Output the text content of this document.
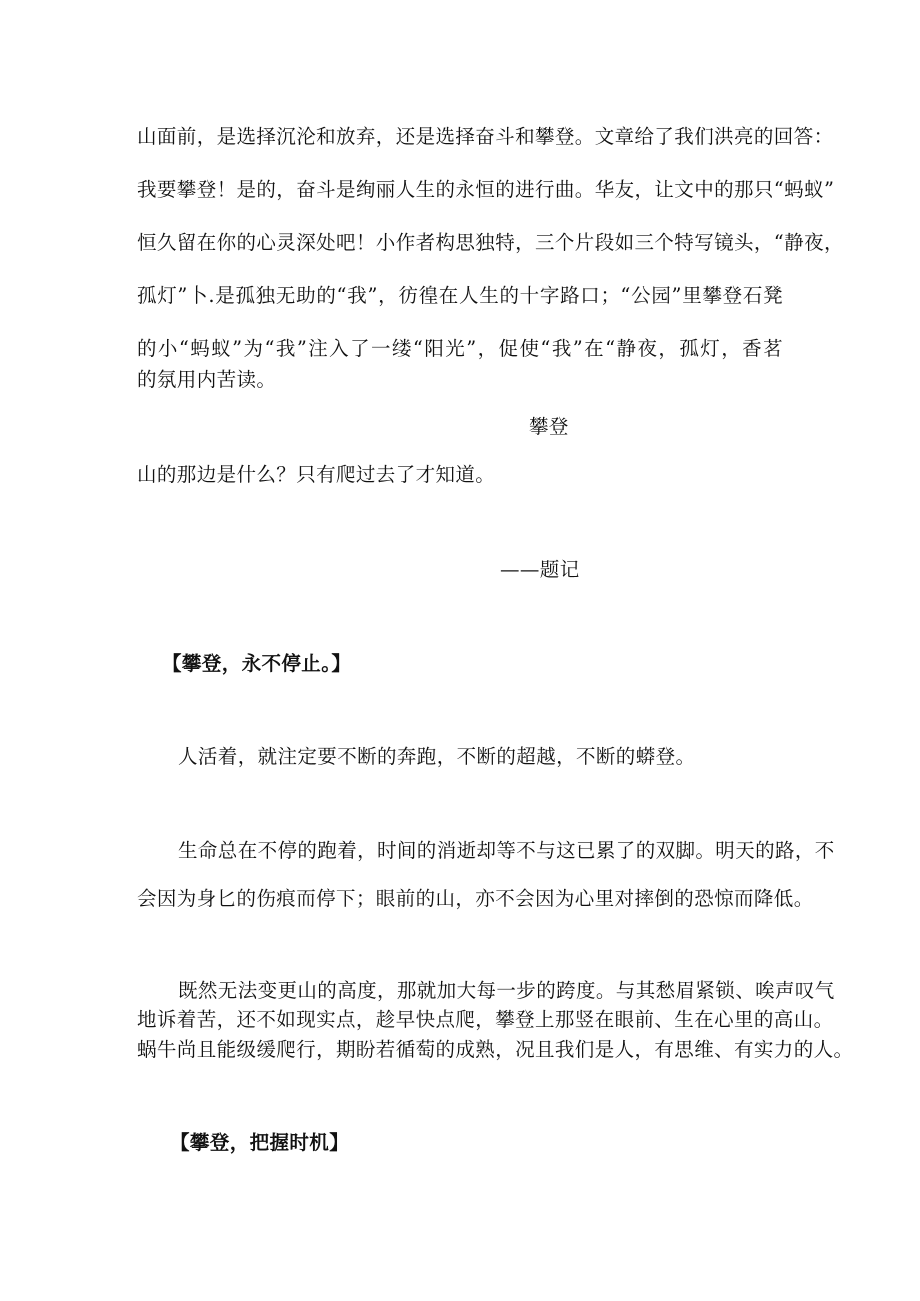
山面前，是选择沉沦和放弃，还是选择奋斗和攀登。文章给了我们洪亮的回答：

我要攀登！是的，奋斗是绚丽人生的永恒的进行曲。华友，让文中的那只“蚂蚁”

恒久留在你的心灵深处吧！小作者构思独特，三个片段如三个特写镜头，“静夜，

孤灯”卜.是孤独无助的“我”，彷徨在人生的十字路口；“公园”里攀登石凳

的小“蚂蚁”为“我”注入了一缕“阳光”，促使“我”在“静夜，孤灯，香茗

的氛用内苦读。

攀登

山的那边是什么？只有爬过去了才知道。

——题记

【攀登，永不停止。】

人活着，就注定要不断的奔跑，不断的超越，不断的蟒登。

生命总在不停的跑着，时间的消逝却等不与这已累了的双脚。明天的路，不

会因为身匕的伤痕而停下；眼前的山，亦不会因为心里对摔倒的恐惊而降低。

既然无法变更山的高度，那就加大每一步的跨度。与其愁眉紧锁、唉声叹气

地诉着苦，还不如现实点，趁早快点爬，攀登上那竖在眼前、生在心里的高山。

蜗牛尚且能级缓爬行，期盼若循萄的成熟，况且我们是人，有思维、有实力的人。

【攀登，把握时机】
